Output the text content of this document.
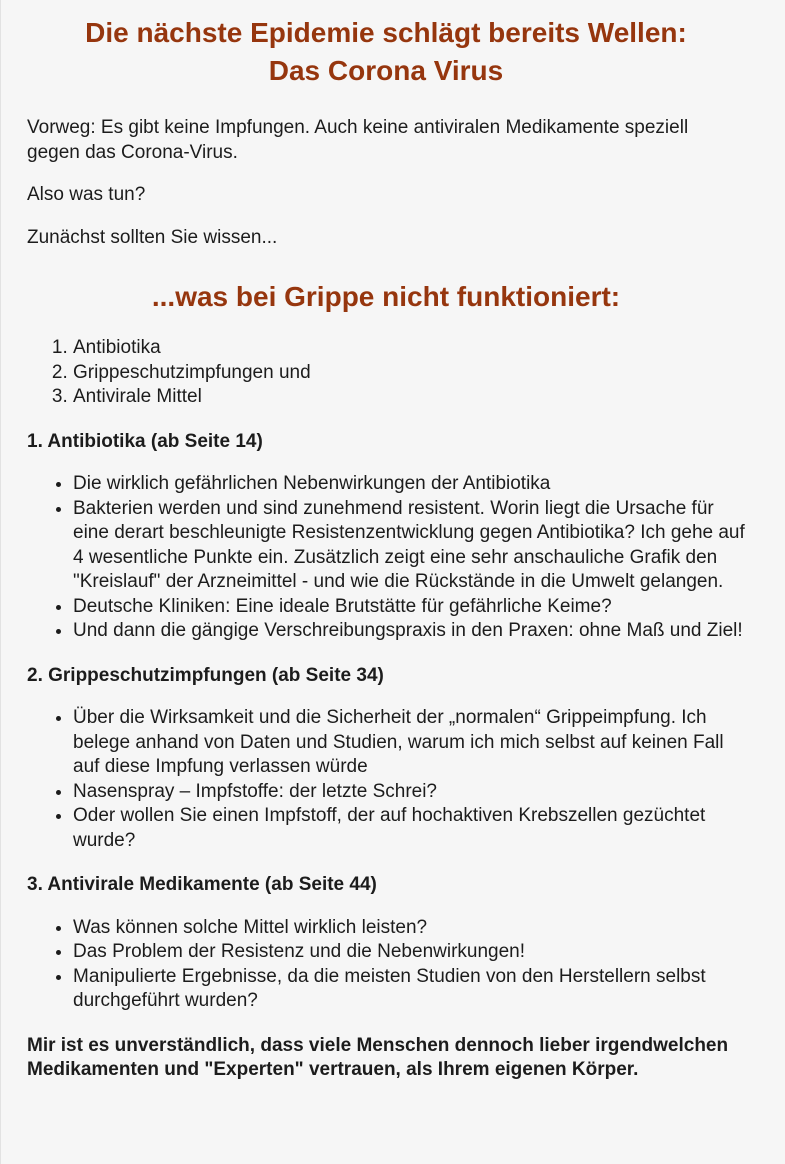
Die nächste Epidemie schlägt bereits Wellen:
Das Corona Virus

Vorweg: Es gibt keine Impfungen. Auch keine antiviralen Medikamente speziell gegen das Corona-Virus.

Also was tun?

Zunächst sollten Sie wissen...

...was bei Grippe nicht funktioniert:
1. Antibiotika
2. Grippeschutzimpfungen und
3. Antivirale Mittel
1. Antibiotika (ab Seite 14)
• Die wirklich gefährlichen Nebenwirkungen der Antibiotika
• Bakterien werden und sind zunehmend resistent. Worin liegt die Ursache für eine derart beschleunigte Resistenzentwicklung gegen Antibiotika? Ich gehe auf 4 wesentliche Punkte ein. Zusätzlich zeigt eine sehr anschauliche Grafik den "Kreislauf" der Arzneimittel - und wie die Rückstände in die Umwelt gelangen.
• Deutsche Kliniken: Eine ideale Brutstätte für gefährliche Keime?
• Und dann die gängige Verschreibungspraxis in den Praxen: ohne Maß und Ziel!
2. Grippeschutzimpfungen (ab Seite 34)
• Über die Wirksamkeit und die Sicherheit der „normalen“ Grippeimpfung. Ich belege anhand von Daten und Studien, warum ich mich selbst auf keinen Fall auf diese Impfung verlassen würde
• Nasenspray – Impfstoffe: der letzte Schrei?
• Oder wollen Sie einen Impfstoff, der auf hochaktiven Krebszellen gezüchtet wurde?
3. Antivirale Medikamente (ab Seite 44)
• Was können solche Mittel wirklich leisten?
• Das Problem der Resistenz und die Nebenwirkungen!
• Manipulierte Ergebnisse, da die meisten Studien von den Herstellern selbst durchgeführt wurden?

Mir ist es unverständlich, dass viele Menschen dennoch lieber irgendwelchen Medikamenten und "Experten" vertrauen, als Ihrem eigenen Körper.
